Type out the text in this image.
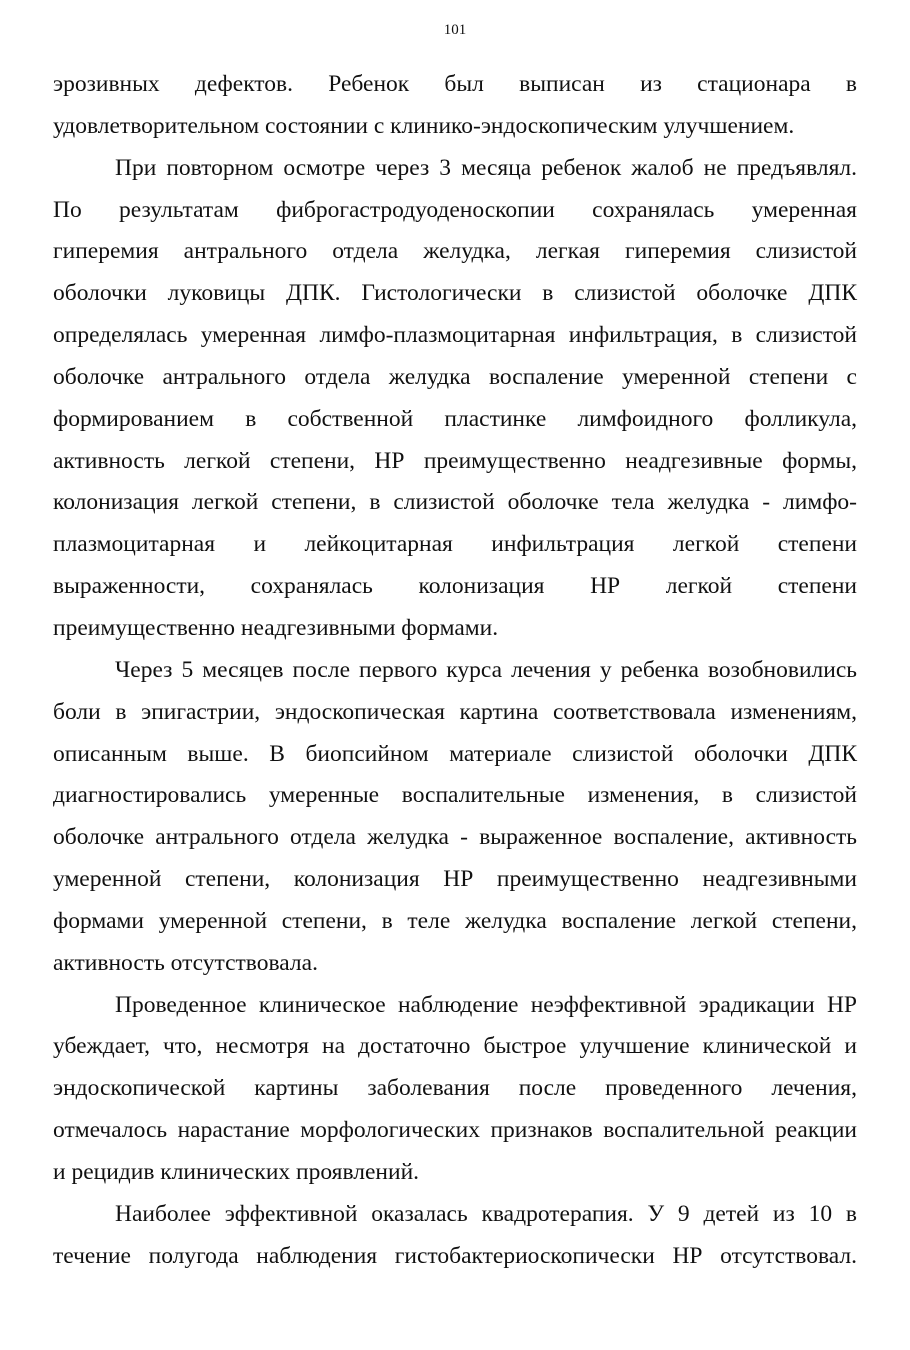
101
эрозивных дефектов. Ребенок был выписан из стационара в
удовлетворительном состоянии с клинико-эндоскопическим улучшением.
При повторном осмотре через 3 месяца ребенок жалоб не предъявлял.
По результатам фиброгастродуоденоскопии сохранялась умеренная
гиперемия антрального отдела желудка, легкая гиперемия слизистой
оболочки луковицы ДПК. Гистологически в слизистой оболочке ДПК
определялась умеренная лимфо-плазмоцитарная инфильтрация, в слизистой
оболочке антрального отдела желудка воспаление умеренной степени с
формированием в собственной пластинке лимфоидного фолликула,
активность легкой степени, НР преимущественно неадгезивные формы,
колонизация легкой степени, в слизистой оболочке тела желудка - лимфо-
плазмоцитарная и лейкоцитарная инфильтрация легкой степени
выраженности, сохранялась колонизация НР легкой степени
преимущественно неадгезивными формами.
Через 5 месяцев после первого курса лечения у ребенка возобновились
боли в эпигастрии, эндоскопическая картина соответствовала изменениям,
описанным выше. В биопсийном материале слизистой оболочки ДПК
диагностировались умеренные воспалительные изменения, в слизистой
оболочке антрального отдела желудка - выраженное воспаление, активность
умеренной степени, колонизация НР преимущественно неадгезивными
формами умеренной степени, в теле желудка воспаление легкой степени,
активность отсутствовала.
Проведенное клиническое наблюдение неэффективной эрадикации НР
убеждает, что, несмотря на достаточно быстрое улучшение клинической и
эндоскопической картины заболевания после проведенного лечения,
отмечалось нарастание морфологических признаков воспалительной реакции
и рецидив клинических проявлений.
Наиболее эффективной оказалась квадротерапия. У 9 детей из 10 в
течение полугода наблюдения гистобактериоскопически НР отсутствовал.
